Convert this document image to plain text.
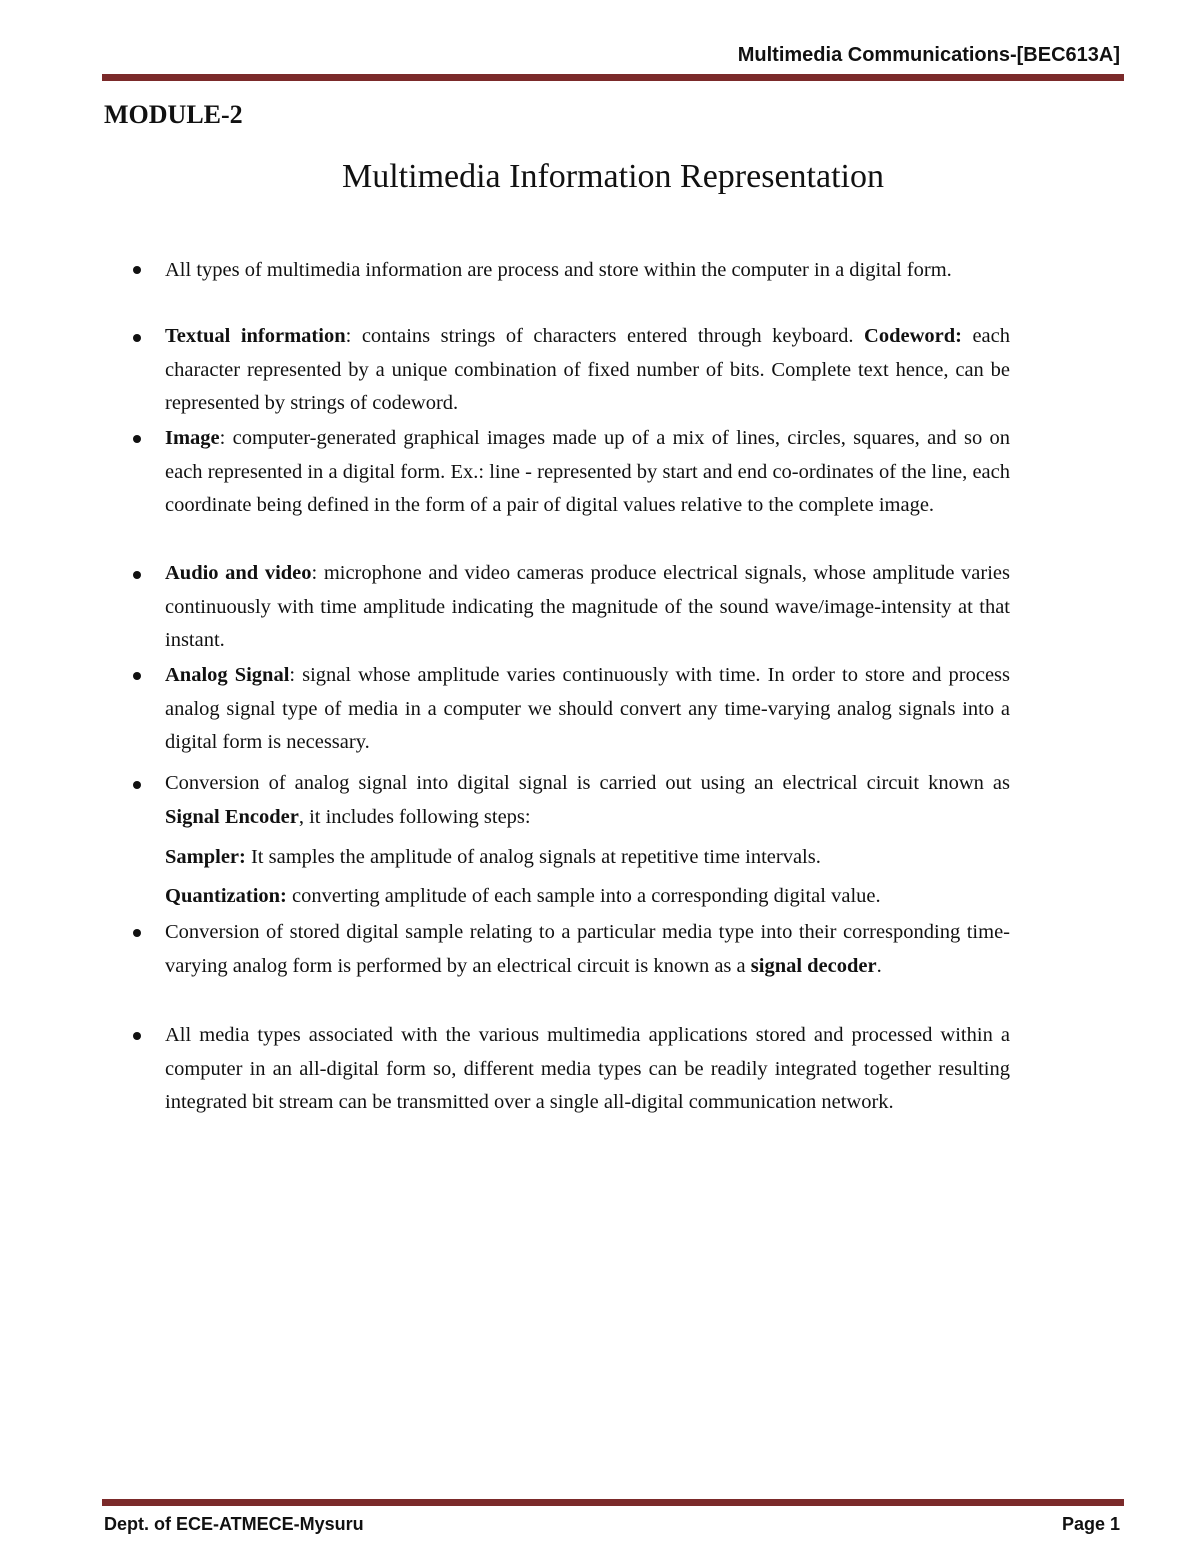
Multimedia Communications-[BEC613A]
MODULE-2
Multimedia Information Representation
All types of multimedia information are process and store within the computer in a digital form.
Textual information: contains strings of characters entered through keyboard. Codeword: each character represented by a unique combination of fixed number of bits. Complete text hence, can be represented by strings of codeword.
Image: computer-generated graphical images made up of a mix of lines, circles, squares, and so on each represented in a digital form. Ex.: line - represented by start and end co-ordinates of the line, each coordinate being defined in the form of a pair of digital values relative to the complete image.
Audio and video: microphone and video cameras produce electrical signals, whose amplitude varies continuously with time amplitude indicating the magnitude of the sound wave/image-intensity at that instant.
Analog Signal: signal whose amplitude varies continuously with time. In order to store and process analog signal type of media in a computer we should convert any time-varying analog signals into a digital form is necessary.
Conversion of analog signal into digital signal is carried out using an electrical circuit known as Signal Encoder, it includes following steps:
Sampler: It samples the amplitude of analog signals at repetitive time intervals.
Quantization: converting amplitude of each sample into a corresponding digital value.
Conversion of stored digital sample relating to a particular media type into their corresponding time-varying analog form is performed by an electrical circuit is known as a signal decoder.
All media types associated with the various multimedia applications stored and processed within a computer in an all-digital form so, different media types can be readily integrated together resulting integrated bit stream can be transmitted over a single all-digital communication network.
Dept. of ECE-ATMECE-Mysuru	Page 1
